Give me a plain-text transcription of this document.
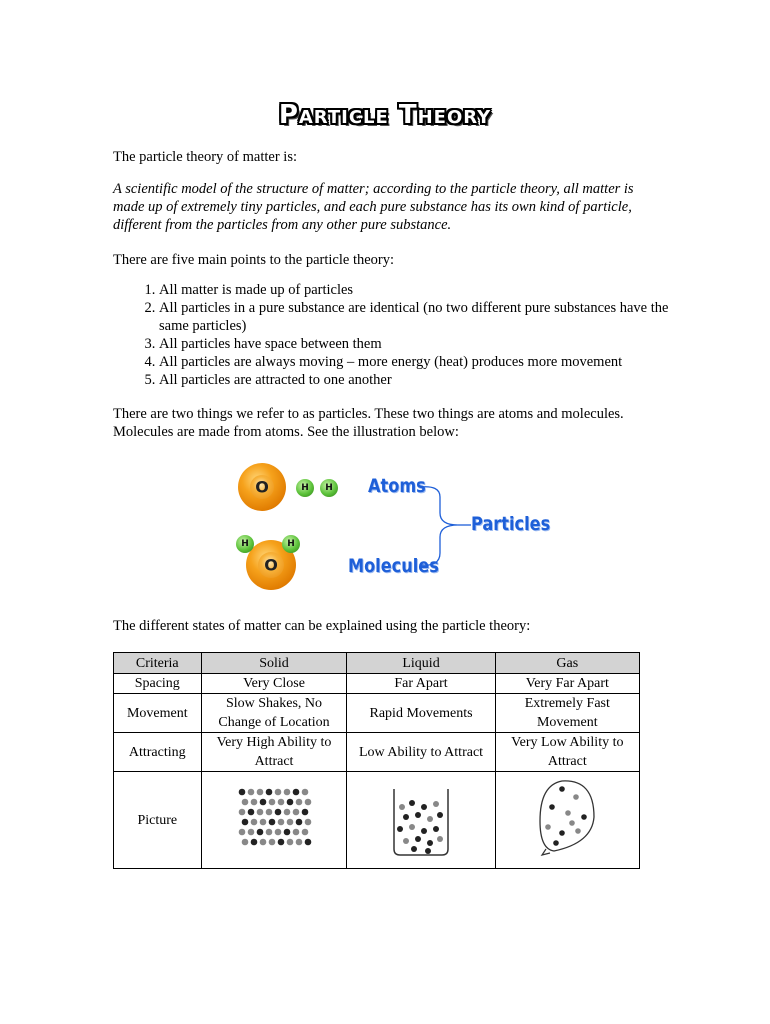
Particle Theory

The particle theory of matter is:

A scientific model of the structure of matter; according to the particle theory, all matter is made up of extremely tiny particles, and each pure substance has its own kind of particle, different from the particles from any other pure substance.

There are five main points to the particle theory:

1. All matter is made up of particles
2. All particles in a pure substance are identical (no two different pure substances have the same particles)
3. All particles have space between them
4. All particles are always moving – more energy (heat) produces more movement
5. All particles are attracted to one another

There are two things we refer to as particles. These two things are atoms and molecules. Molecules are made from atoms. See the illustration below:

O	H	H
O
H	H
Atoms
Molecules
Particles

The different states of matter can be explained using the particle theory:

Criteria	Solid	Liquid	Gas
Spacing	Very Close	Far Apart	Very Far Apart
Movement	Slow Shakes, No Change of Location	Rapid Movements	Extremely Fast Movement
Attracting	Very High Ability to Attract	Low Ability to Attract	Very Low Ability to Attract
Picture			
